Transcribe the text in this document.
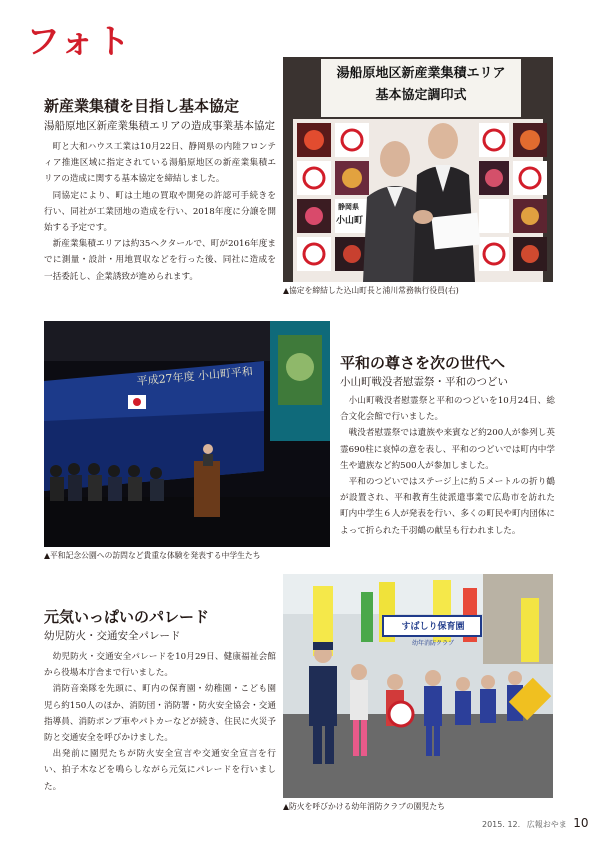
フォト
新産業集積を目指し基本協定
湯船原地区新産業集積エリアの造成事業基本協定

町と大和ハウス工業は10月22日、静岡県の内陸フロンティア推進区域に指定されている湯船原地区の新産業集積エリアの造成に関する基本協定を締結しました。

同協定により、町は土地の買取や開発の許認可手続きを行い、同社が工業団地の造成を行い、2018年度に分譲を開始する予定です。

新産業集積エリアは約35ヘクタールで、町が2016年度までに測量・設計・用地買収などを行った後、同社に造成を一括委託し、企業誘致が進められます。

湯船原地区新産業集積エリア
基本協定調印式
静岡県
小山町
▲協定を締結した込山町長と浦川常務執行役員(右)
平成27年度 小山町平和
▲平和記念公園への訪問など貴重な体験を発表する中学生たち
平和の尊さを次の世代へ
小山町戦没者慰霊祭・平和のつどい

小山町戦没者慰霊祭と平和のつどいを10月24日、総合文化会館で行いました。

戦没者慰霊祭では遺族や来賓など約200人が参列し英霊690柱に哀悼の意を表し、平和のつどいでは町内中学生や遺族など約500人が参加しました。

平和のつどいではステージ上に約５メートルの折り鶴が設置され、平和教育生徒派遣事業で広島市を訪れた町内中学生６人が発表を行い、多くの町民や町内団体によって折られた千羽鶴の献呈も行われました。

元気いっぱいのパレード
幼児防火・交通安全パレード

幼児防火・交通安全パレードを10月29日、健康福祉会館から役場本庁舎まで行いました。

消防音楽隊を先頭に、町内の保育園・幼稚園・こども園児ら約150人のほか、消防団・消防署・防火安全協会・交通指導員、消防ポンプ車やパトカーなどが続き、住民に火災予防と交通安全を呼びかけました。

出発前に園児たちが防火安全宣言や交通安全宣言を行い、拍子木などを鳴らしながら元気にパレードを行いました。

すばしり保育園
幼年消防クラブ
▲防火を呼びかける幼年消防クラブの園児たち
2015. 12. 広報おやま 10
